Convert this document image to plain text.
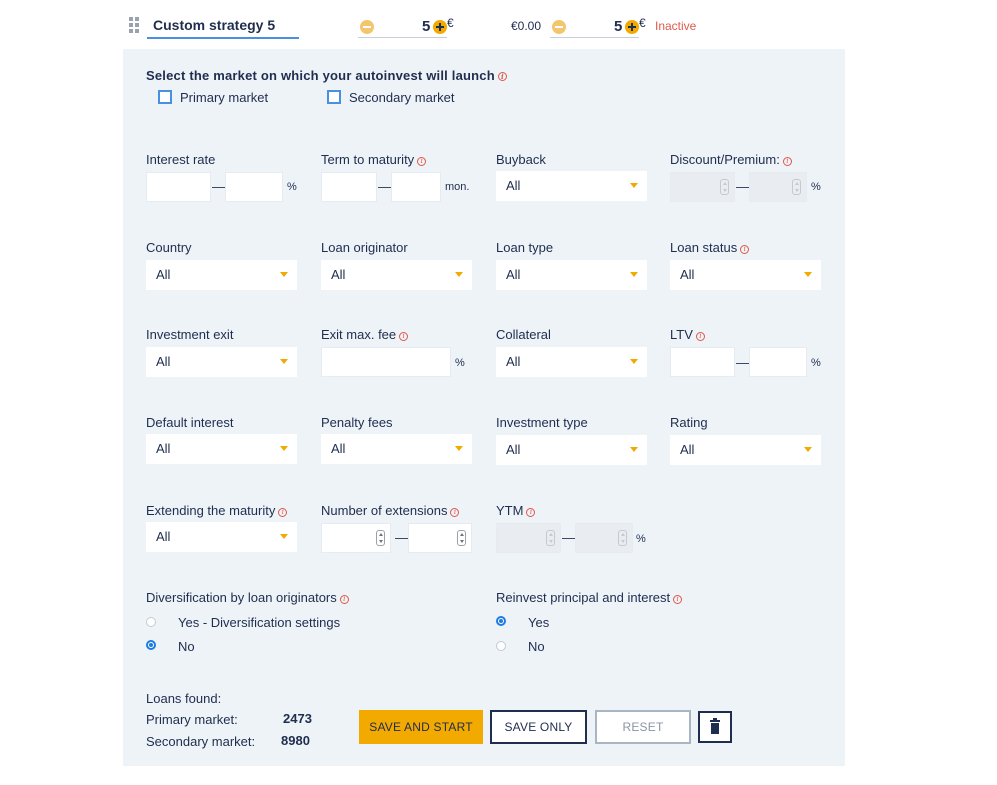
Custom strategy 5	5 €	€0.00	5 € Inactive
Select the market on which your autoinvest will launch i
Primary market	Secondary market
Interest rate
—	%
Term to maturity i
—	mon.
Buyback
All
Discount/Premium: i
—	%
Country
All
Loan originator
All
Loan type
All
Loan status i
All
Investment exit
All
Exit max. fee i
%
Collateral
All
LTV i
—	%
Default interest
All
Penalty fees
All
Investment type
All
Rating
All
Extending the maturity i
All
Number of extensions i
—
YTM i
—	%
Diversification by loan originators i
Yes - Diversification settings
No
Reinvest principal and interest i
Yes
No
Loans found:
Primary market:	2473
Secondary market: 8980
SAVE AND START	SAVE ONLY	RESET
